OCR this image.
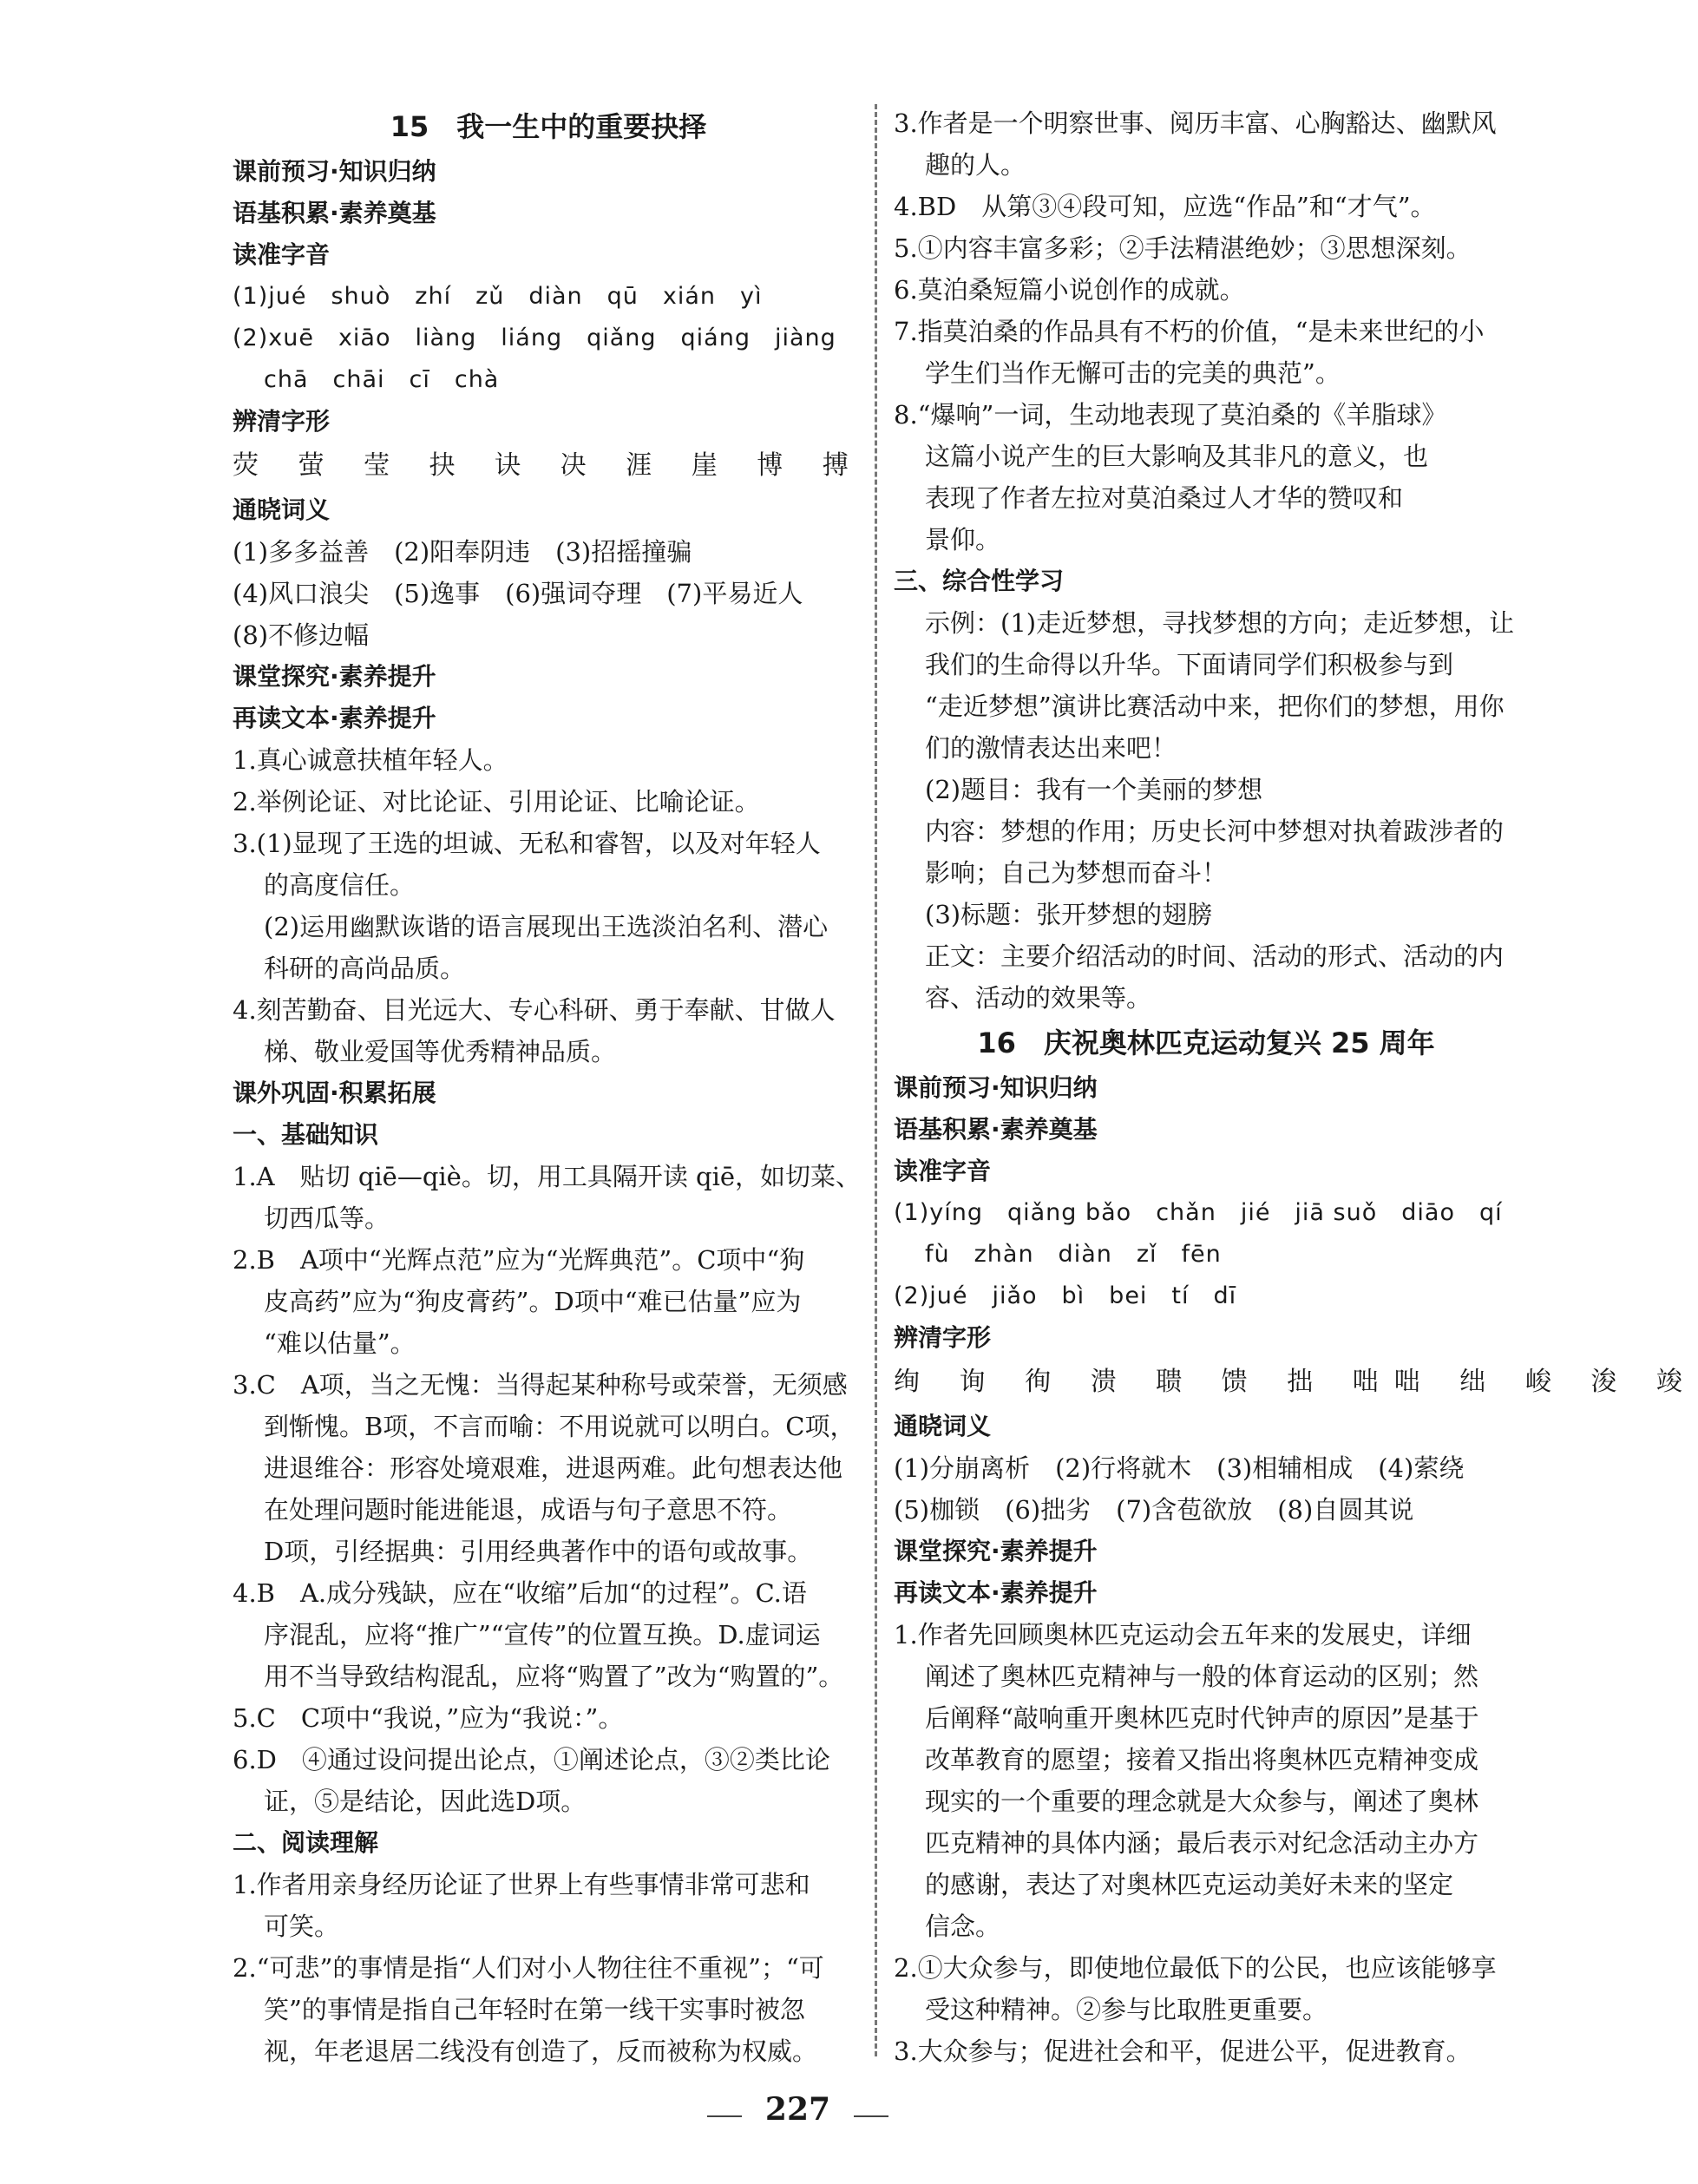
15　我一生中的重要抉择
课前预习·知识归纳
语基积累·素养奠基
读准字音
(1)jué　shuò　zhí　zǔ　diàn　qū　xián　yì
(2)xuē　xiāo　liàng　liáng　qiǎng　qiáng　jiàng
chā　chāi　cī　chà
辨清字形
荧 萤 莹 抉 诀 决 涯 崖 博 搏
通晓词义
(1)多多益善　(2)阳奉阴违　(3)招摇撞骗
(4)风口浪尖　(5)逸事　(6)强词夺理　(7)平易近人
(8)不修边幅
课堂探究·素养提升
再读文本·素养提升
1.真心诚意扶植年轻人。
2.举例论证、对比论证、引用论证、比喻论证。
3.(1)显现了王选的坦诚、无私和睿智，以及对年轻人
的高度信任。
(2)运用幽默诙谐的语言展现出王选淡泊名利、潜心
科研的高尚品质。
4.刻苦勤奋、目光远大、专心科研、勇于奉献、甘做人
梯、敬业爱国等优秀精神品质。
课外巩固·积累拓展
一、基础知识
1.A　贴切 qiē—qiè。切，用工具隔开读 qiē，如切菜、
切西瓜等。
2.B　A项中“光辉点范”应为“光辉典范”。C项中“狗
皮高药”应为“狗皮膏药”。D项中“难已估量”应为
“难以估量”。
3.C　A项，当之无愧：当得起某种称号或荣誉，无须感
到惭愧。B项，不言而喻：不用说就可以明白。C项，
进退维谷：形容处境艰难，进退两难。此句想表达他
在处理问题时能进能退，成语与句子意思不符。
D项，引经据典：引用经典著作中的语句或故事。
4.B　A.成分残缺，应在“收缩”后加“的过程”。C.语
序混乱，应将“推广”“宣传”的位置互换。D.虚词运
用不当导致结构混乱，应将“购置了”改为“购置的”。
5.C　C项中“我说，”应为“我说：”。
6.D　④通过设问提出论点，①阐述论点，③②类比论
证，⑤是结论，因此选D项。
二、阅读理解
1.作者用亲身经历论证了世界上有些事情非常可悲和
可笑。
2.“可悲”的事情是指“人们对小人物往往不重视”；“可
笑”的事情是指自己年轻时在第一线干实事时被忽
视，年老退居二线没有创造了，反而被称为权威。
3.作者是一个明察世事、阅历丰富、心胸豁达、幽默风
趣的人。
4.BD　从第③④段可知，应选“作品”和“才气”。
5.①内容丰富多彩；②手法精湛绝妙；③思想深刻。
6.莫泊桑短篇小说创作的成就。
7.指莫泊桑的作品具有不朽的价值，“是未来世纪的小
学生们当作无懈可击的完美的典范”。
8.“爆响”一词，生动地表现了莫泊桑的《羊脂球》
这篇小说产生的巨大影响及其非凡的意义，也
表现了作者左拉对莫泊桑过人才华的赞叹和
景仰。
三、综合性学习
示例：(1)走近梦想，寻找梦想的方向；走近梦想，让
我们的生命得以升华。下面请同学们积极参与到
“走近梦想”演讲比赛活动中来，把你们的梦想，用你
们的激情表达出来吧！
(2)题目：我有一个美丽的梦想
内容：梦想的作用；历史长河中梦想对执着跋涉者的
影响；自己为梦想而奋斗！
(3)标题：张开梦想的翅膀
正文：主要介绍活动的时间、活动的形式、活动的内
容、活动的效果等。
16　庆祝奥林匹克运动复兴 25 周年
课前预习·知识归纳
语基积累·素养奠基
读准字音
(1)yíng　qiǎng bǎo　chǎn　jié　jiā suǒ　diāo　qí
fù　zhàn　diàn　zǐ　fēn
(2)jué　jiǎo　bì　bei　tí　dī
辨清字形
绚 询 徇 溃 聩 馈 拙 咄咄 绌 峻 浚 竣
通晓词义
(1)分崩离析　(2)行将就木　(3)相辅相成　(4)萦绕
(5)枷锁　(6)拙劣　(7)含苞欲放　(8)自圆其说
课堂探究·素养提升
再读文本·素养提升
1.作者先回顾奥林匹克运动会五年来的发展史，详细
阐述了奥林匹克精神与一般的体育运动的区别；然
后阐释“敲响重开奥林匹克时代钟声的原因”是基于
改革教育的愿望；接着又指出将奥林匹克精神变成
现实的一个重要的理念就是大众参与，阐述了奥林
匹克精神的具体内涵；最后表示对纪念活动主办方
的感谢，表达了对奥林匹克运动美好未来的坚定
信念。
2.①大众参与，即使地位最低下的公民，也应该能够享
受这种精神。②参与比取胜更重要。
3.大众参与；促进社会和平，促进公平，促进教育。
227
